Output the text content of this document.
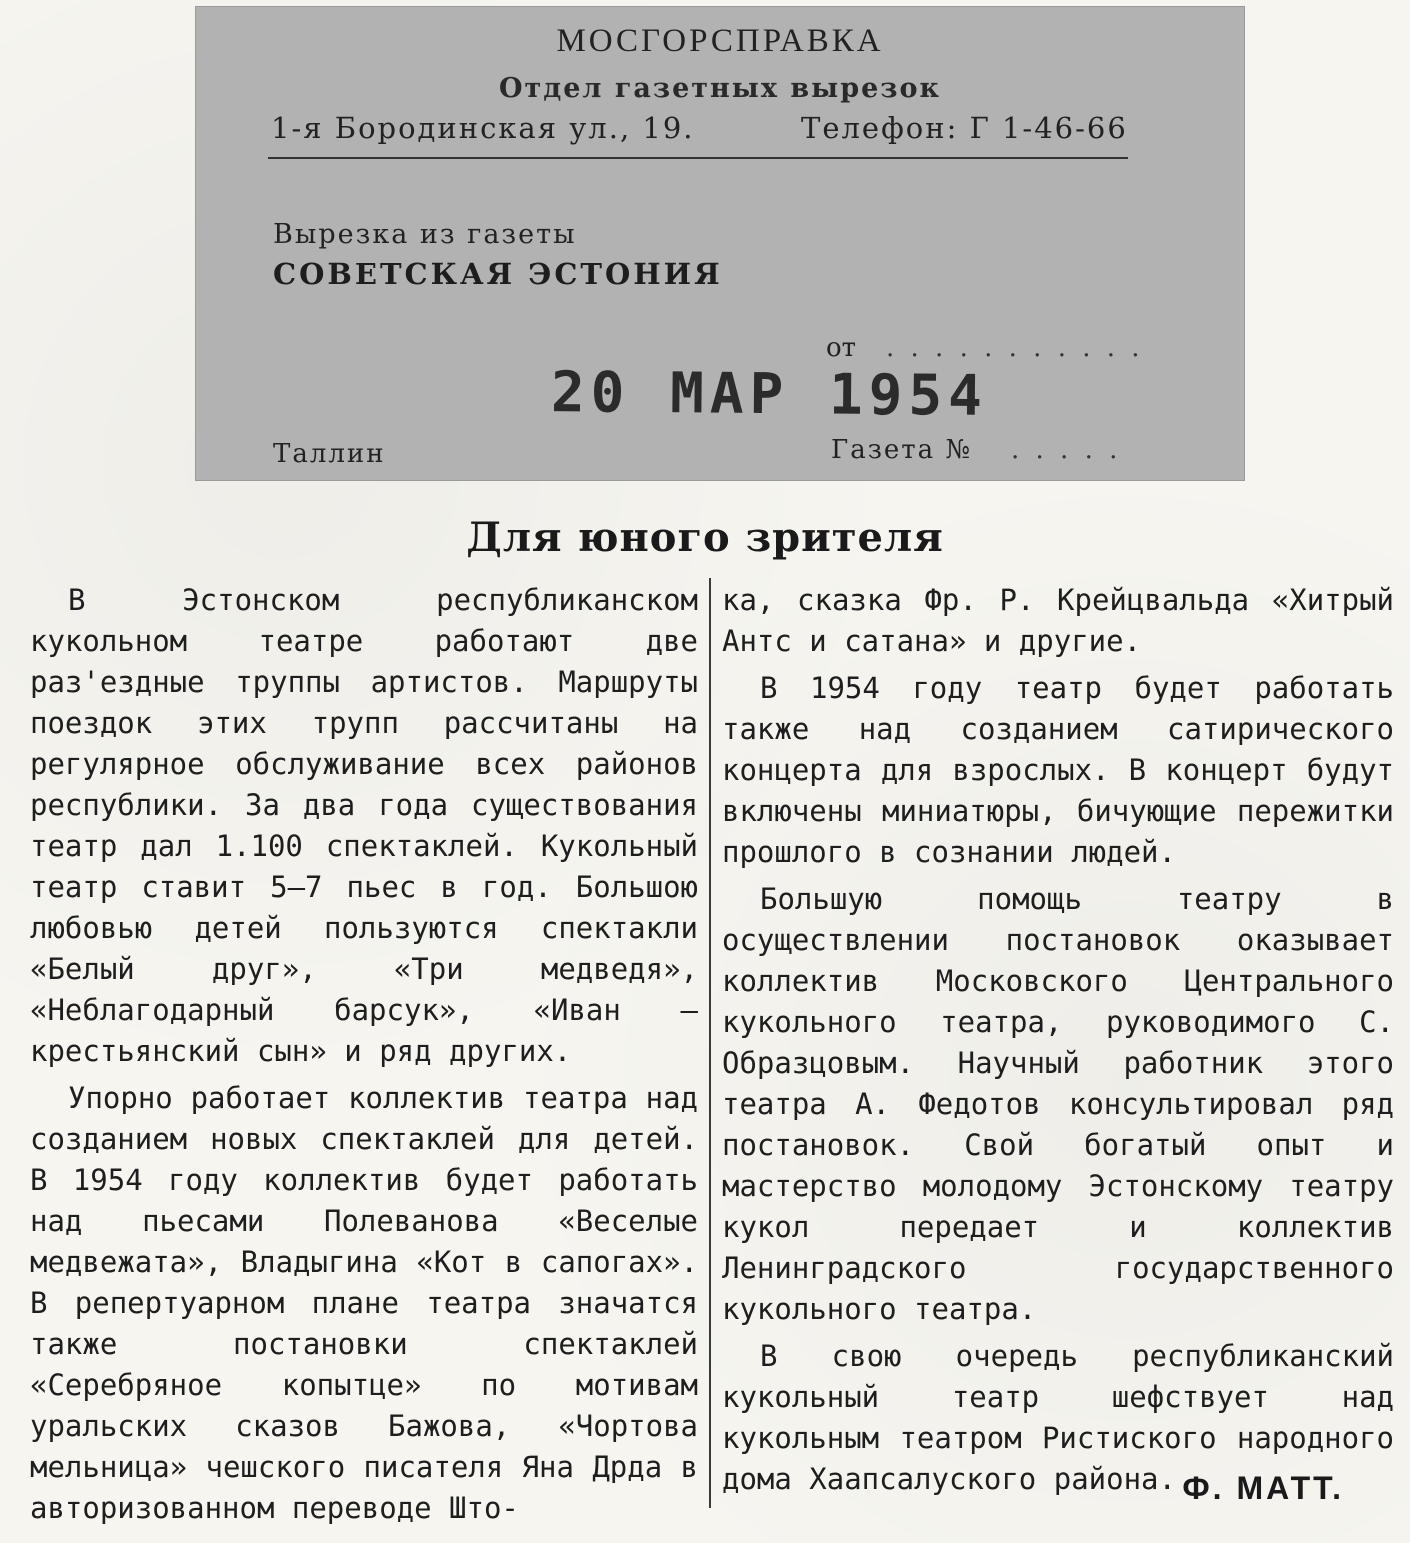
МОСГОРСПРАВКА
Отдел газетных вырезок
1-я Бородинская ул., 19.	Телефон: Г 1-46-66
Вырезка из газеты
СОВЕТСКАЯ ЭСТОНИЯ
от . . . . . . . . . . .
20 МАР 1954
Таллин	Газета № . . . . .
Для юного зрителя

В Эстонском республиканском кукольном театре работают две раз'ездные труппы артистов. Маршруты поездок этих трупп рассчитаны на регулярное обслуживание всех районов республики. За два года существования театр дал 1.100 спектаклей. Кукольный театр ставит 5—7 пьес в год. Большою любовью детей пользуются спектакли «Белый друг», «Три медведя», «Неблагодарный барсук», «Иван — крестьянский сын» и ряд других.

Упорно работает коллектив театра над созданием новых спектаклей для детей. В 1954 году коллектив будет работать над пьесами Полеванова «Веселые медвежата», Владыгина «Кот в сапогах». В репертуарном плане театра значатся также постановки спектаклей «Серебряное копытце» по мотивам уральских сказов Бажова, «Чортова мельница» чешского писателя Яна Дрда в авторизованном переводе Што-

ка, сказка Фр. Р. Крейцвальда «Хитрый Антс и сатана» и другие.

В 1954 году театр будет работать также над созданием сатирического концерта для взрослых. В концерт будут включены миниатюры, бичующие пережитки прошлого в сознании людей.

Большую помощь театру в осуществлении постановок оказывает коллектив Московского Центрального кукольного театра, руководимого С. Образцовым. Научный работник этого театра А. Федотов консультировал ряд постановок. Свой богатый опыт и мастерство молодому Эстонскому театру кукол передает и коллектив Ленинградского государственного кукольного театра.

В свою очередь республиканский кукольный театр шефствует над кукольным театром Ристиского народного дома Хаапсалуского района. Ф. МАТТ.
